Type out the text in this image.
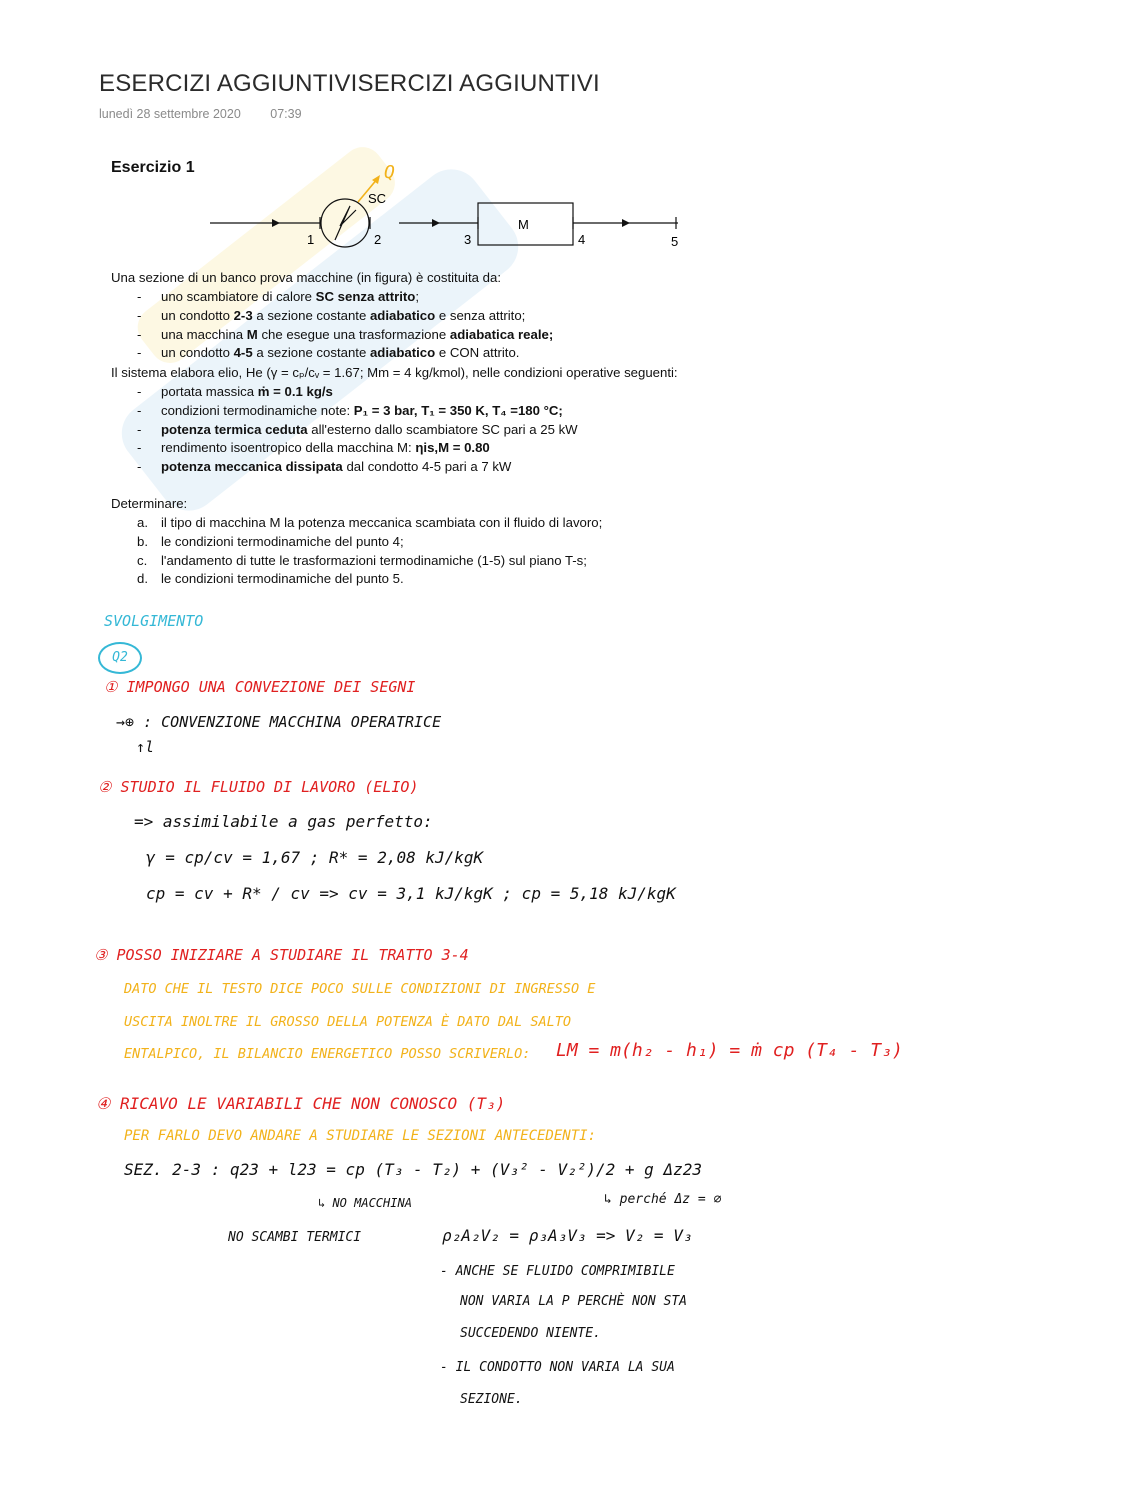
ESERCIZI AGGIUNTIVISERCIZI AGGIUNTIVI
lunedì 28 settembre 2020 07:39
Esercizio 1	Q
SC
M
1	2	3	4	5
Una sezione di un banco prova macchine (in figura) è costituita da:
- uno scambiatore di calore SC senza attrito;
- un condotto 2-3 a sezione costante adiabatico e senza attrito;
- una macchina M che esegue una trasformazione adiabatica reale;
- un condotto 4-5 a sezione costante adiabatico e CON attrito.
Il sistema elabora elio, He (γ = cₚ/cᵥ = 1.67; Mm = 4 kg/kmol), nelle condizioni operative seguenti:
- portata massica ṁ = 0.1 kg/s
- condizioni termodinamiche note: P₁ = 3 bar, T₁ = 350 K, T₄ =180 °C;
- potenza termica ceduta all'esterno dallo scambiatore SC pari a 25 kW
- rendimento isoentropico della macchina M: ηis,M = 0.80
- potenza meccanica dissipata dal condotto 4-5 pari a 7 kW
Determinare:
a. il tipo di macchina M la potenza meccanica scambiata con il fluido di lavoro;
b. le condizioni termodinamiche del punto 4;
c. l'andamento di tutte le trasformazioni termodinamiche (1-5) sul piano T-s;
d. le condizioni termodinamiche del punto 5.
SVOLGIMENTO
Q2
① IMPONGO UNA CONVEZIONE DEI SEGNI
→⊕ : CONVENZIONE MACCHINA OPERATRICE
↑l
② STUDIO IL FLUIDO DI LAVORO (ELIO)
=> assimilabile a gas perfetto:
γ = cp/cv = 1,67 ; R* = 2,08 kJ/kgK
cp = cv + R* / cv => cv = 3,1 kJ/kgK ; cp = 5,18 kJ/kgK
③ POSSO INIZIARE A STUDIARE IL TRATTO 3-4
DATO CHE IL TESTO DICE POCO SULLE CONDIZIONI DI INGRESSO E
USCITA INOLTRE IL GROSSO DELLA POTENZA È DATO DAL SALTO
ENTALPICO, IL BILANCIO ENERGETICO POSSO SCRIVERLO: LM = m(h₂ - h₁) = ṁ cp (T₄ - T₃)
④ RICAVO LE VARIABILI CHE NON CONOSCO (T₃)
PER FARLO DEVO ANDARE A STUDIARE LE SEZIONI ANTECEDENTI:
SEZ. 2-3 : q23 + l23 = cp (T₃ - T₂) + (V₃² - V₂²)/2 + g Δz23
↳ NO MACCHINA	↳ perché Δz = ∅
NO SCAMBI TERMICI	ρ₂A₂V₂ = ρ₃A₃V₃ => V₂ = V₃
- ANCHE SE FLUIDO COMPRIMIBILE
NON VARIA LA P PERCHÈ NON STA
SUCCEDENDO NIENTE.
- IL CONDOTTO NON VARIA LA SUA
SEZIONE.
